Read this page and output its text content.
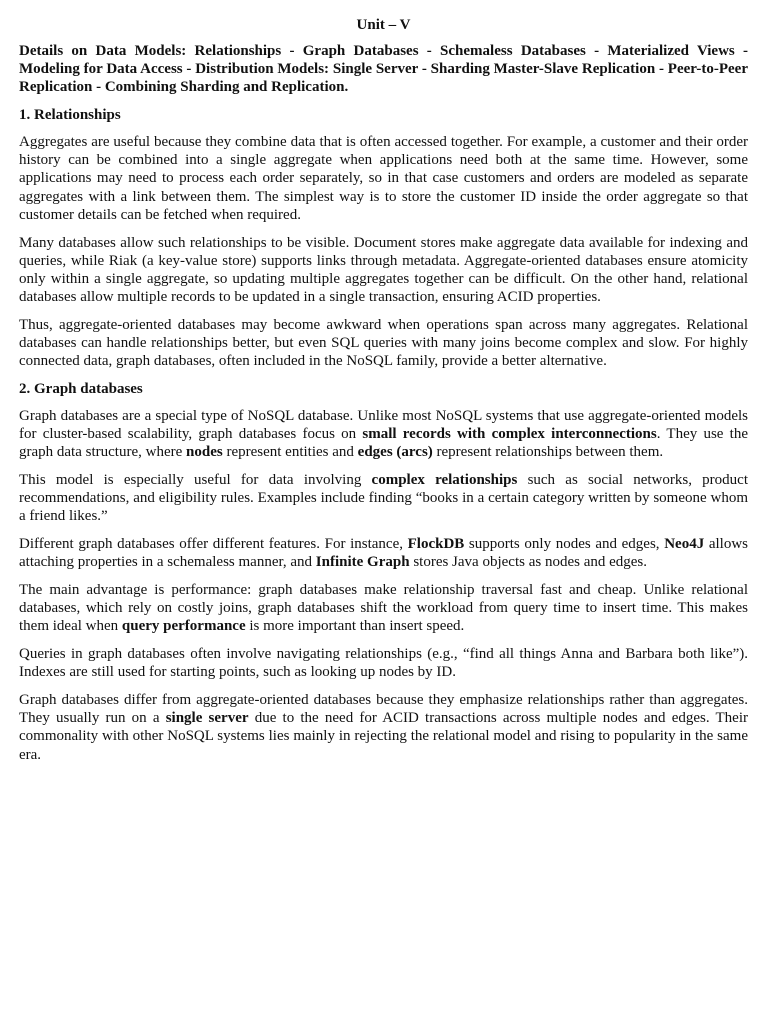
Unit – V
Details on Data Models: Relationships - Graph Databases - Schemaless Databases - Materialized Views - Modeling for Data Access - Distribution Models: Single Server - Sharding Master-Slave Replication - Peer-to-Peer Replication - Combining Sharding and Replication.
1. Relationships

Aggregates are useful because they combine data that is often accessed together. For example, a customer and their order history can be combined into a single aggregate when applications need both at the same time. However, some applications may need to process each order separately, so in that case customers and orders are modeled as separate aggregates with a link between them. The simplest way is to store the customer ID inside the order aggregate so that customer details can be fetched when required.

Many databases allow such relationships to be visible. Document stores make aggregate data available for indexing and queries, while Riak (a key-value store) supports links through metadata. Aggregate-oriented databases ensure atomicity only within a single aggregate, so updating multiple aggregates together can be difficult. On the other hand, relational databases allow multiple records to be updated in a single transaction, ensuring ACID properties.

Thus, aggregate-oriented databases may become awkward when operations span across many aggregates. Relational databases can handle relationships better, but even SQL queries with many joins become complex and slow. For highly connected data, graph databases, often included in the NoSQL family, provide a better alternative.

2. Graph databases

Graph databases are a special type of NoSQL database. Unlike most NoSQL systems that use aggregate-oriented models for cluster-based scalability, graph databases focus on small records with complex interconnections. They use the graph data structure, where nodes represent entities and edges (arcs) represent relationships between them.

This model is especially useful for data involving complex relationships such as social networks, product recommendations, and eligibility rules. Examples include finding “books in a certain category written by someone whom a friend likes.”

Different graph databases offer different features. For instance, FlockDB supports only nodes and edges, Neo4J allows attaching properties in a schemaless manner, and Infinite Graph stores Java objects as nodes and edges.

The main advantage is performance: graph databases make relationship traversal fast and cheap. Unlike relational databases, which rely on costly joins, graph databases shift the workload from query time to insert time. This makes them ideal when query performance is more important than insert speed.

Queries in graph databases often involve navigating relationships (e.g., “find all things Anna and Barbara both like”). Indexes are still used for starting points, such as looking up nodes by ID.

Graph databases differ from aggregate-oriented databases because they emphasize relationships rather than aggregates. They usually run on a single server due to the need for ACID transactions across multiple nodes and edges. Their commonality with other NoSQL systems lies mainly in rejecting the relational model and rising to popularity in the same era.
